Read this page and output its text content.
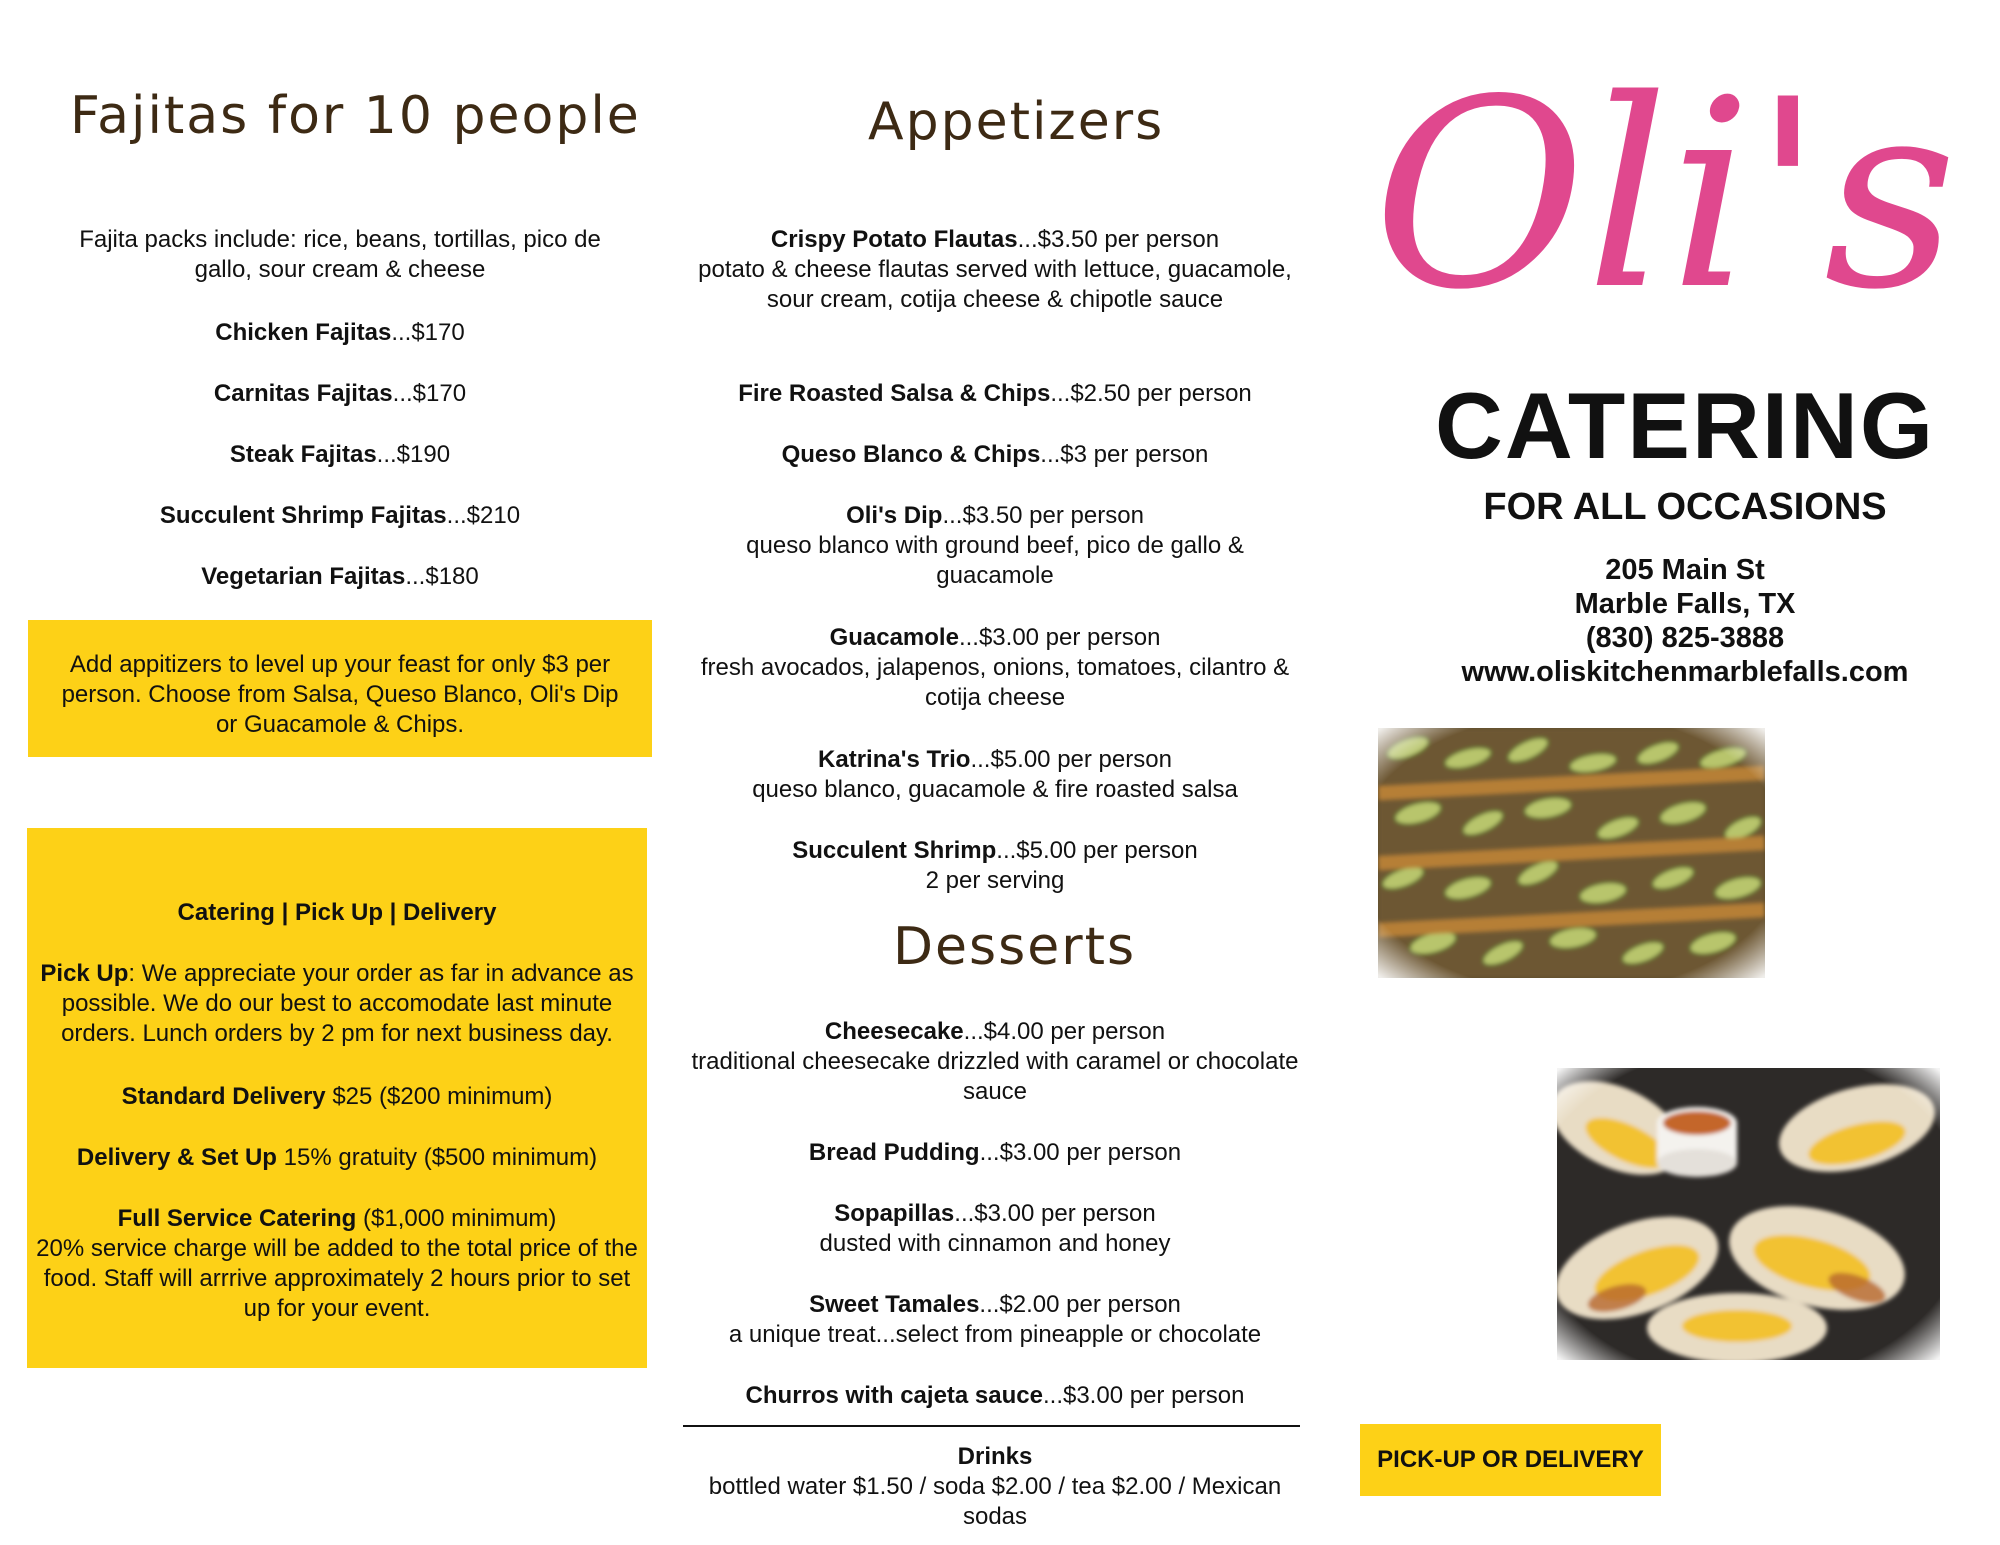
Fajitas for 10 people
Fajita packs include: rice, beans, tortillas, pico de gallo, sour cream & cheese
Chicken Fajitas...$170
Carnitas Fajitas...$170
Steak Fajitas...$190
Succulent Shrimp Fajitas...$210
Vegetarian Fajitas...$180

Add appitizers to level up your feast for only $3 per person. Choose from Salsa, Queso Blanco, Oli's Dip or Guacamole & Chips.

Catering | Pick Up | Delivery
Pick Up: We appreciate your order as far in advance as possible. We do our best to accomodate last minute orders. Lunch orders by 2 pm for next business day.
Standard Delivery $25 ($200 minimum)
Delivery & Set Up 15% gratuity ($500 minimum)
Full Service Catering ($1,000 minimum)
20% service charge will be added to the total price of the food. Staff will arrrive approximately 2 hours prior to set up for your event.
Appetizers
Crispy Potato Flautas...$3.50 per person
potato & cheese flautas served with lettuce, guacamole, sour cream, cotija cheese & chipotle sauce
Fire Roasted Salsa & Chips...$2.50 per person
Queso Blanco & Chips...$3 per person
Oli's Dip...$3.50 per person
queso blanco with ground beef, pico de gallo & guacamole
Guacamole...$3.00 per person
fresh avocados, jalapenos, onions, tomatoes, cilantro & cotija cheese
Katrina's Trio...$5.00 per person
queso blanco, guacamole & fire roasted salsa
Succulent Shrimp...$5.00 per person
2 per serving
Desserts
Cheesecake...$4.00 per person
traditional cheesecake drizzled with caramel or chocolate sauce
Bread Pudding...$3.00 per person
Sopapillas...$3.00 per person
dusted with cinnamon and honey
Sweet Tamales...$2.00 per person
a unique treat...select from pineapple or chocolate
Churros with cajeta sauce...$3.00 per person
Drinks
bottled water $1.50 / soda $2.00 / tea $2.00 / Mexican sodas
Oli's
CATERING
FOR ALL OCCASIONS
205 Main St
Marble Falls, TX
(830) 825-3888
www.oliskitchenmarblefalls.com
PICK-UP OR DELIVERY
